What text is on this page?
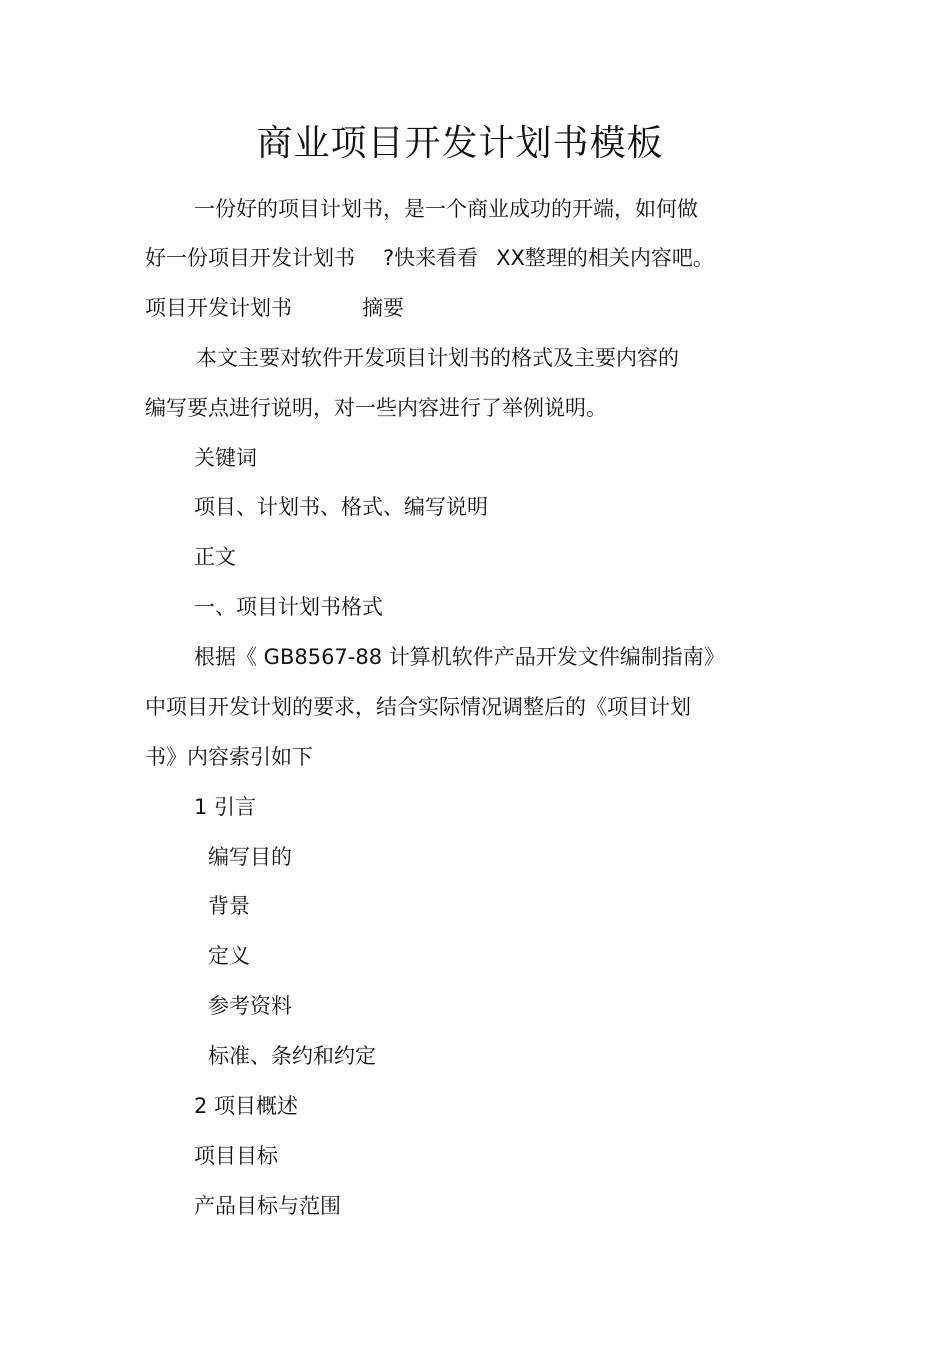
商业项目开发计划书模板
一份好的项目计划书，是一个商业成功的开端，如何做
好一份项目开发计划书 ?快来看看 XX整理的相关内容吧。
项目开发计划书	摘要
本文主要对软件开发项目计划书的格式及主要内容的
编写要点进行说明，对一些内容进行了举例说明。
关键词
项目、计划书、格式、编写说明
正文
一、项目计划书格式
根据《 GB8567-88 计算机软件产品开发文件编制指南》
中项目开发计划的要求，结合实际情况调整后的《项目计划
书》内容索引如下
1 引言
编写目的
背景
定义
参考资料
标准、条约和约定
2 项目概述
项目目标
产品目标与范围
